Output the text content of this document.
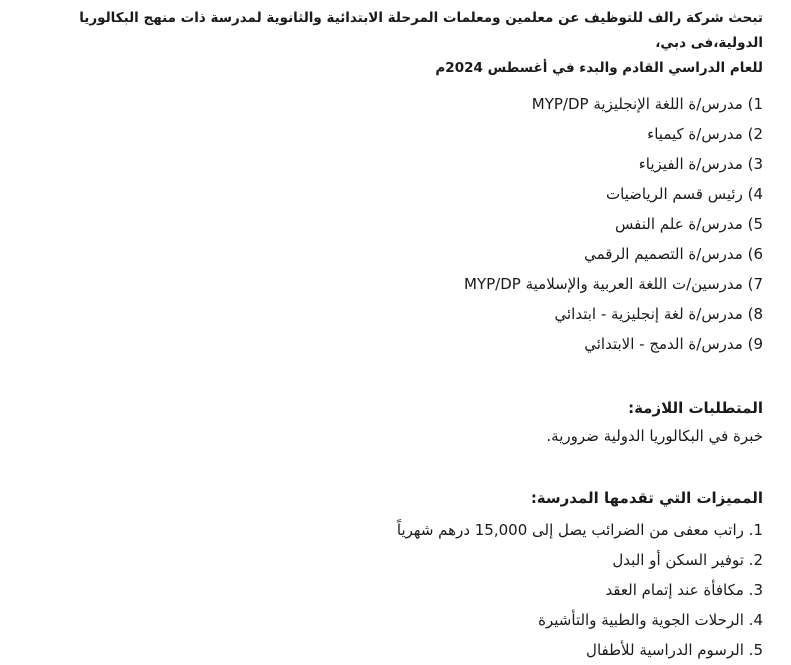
تبحث شركة رالف للتوظيف عن معلمين ومعلمات المرحلة الابتدائية والثانوية لمدرسة ذات منهج البكالوريا الدولية،فى دبي،
للعام الدراسي القادم والبدء في أغسطس 2024م

1) مدرس/ة اللغة الإنجليزية MYP/DP
2) مدرس/ة كيمياء
3) مدرس/ة الفيزياء
4) رئيس قسم الرياضيات
5) مدرس/ة علم النفس
6) مدرس/ة التصميم الرقمي
7) مدرسين/ت اللغة العربية والإسلامية MYP/DP
8) مدرس/ة لغة إنجليزية - ابتدائي
9) مدرس/ة الدمج - الابتدائي
المتطلبات اللازمة:
خبرة في البكالوريا الدولية ضرورية.
المميزات التي تقدمها المدرسة:
1. راتب معفى من الضرائب يصل إلى 15,000 درهم شهرياً
2. توفير السكن أو البدل
3. مكافأة عند إتمام العقد
4. الرحلات الجوية والطبية والتأشيرة
5. الرسوم الدراسية للأطفال
